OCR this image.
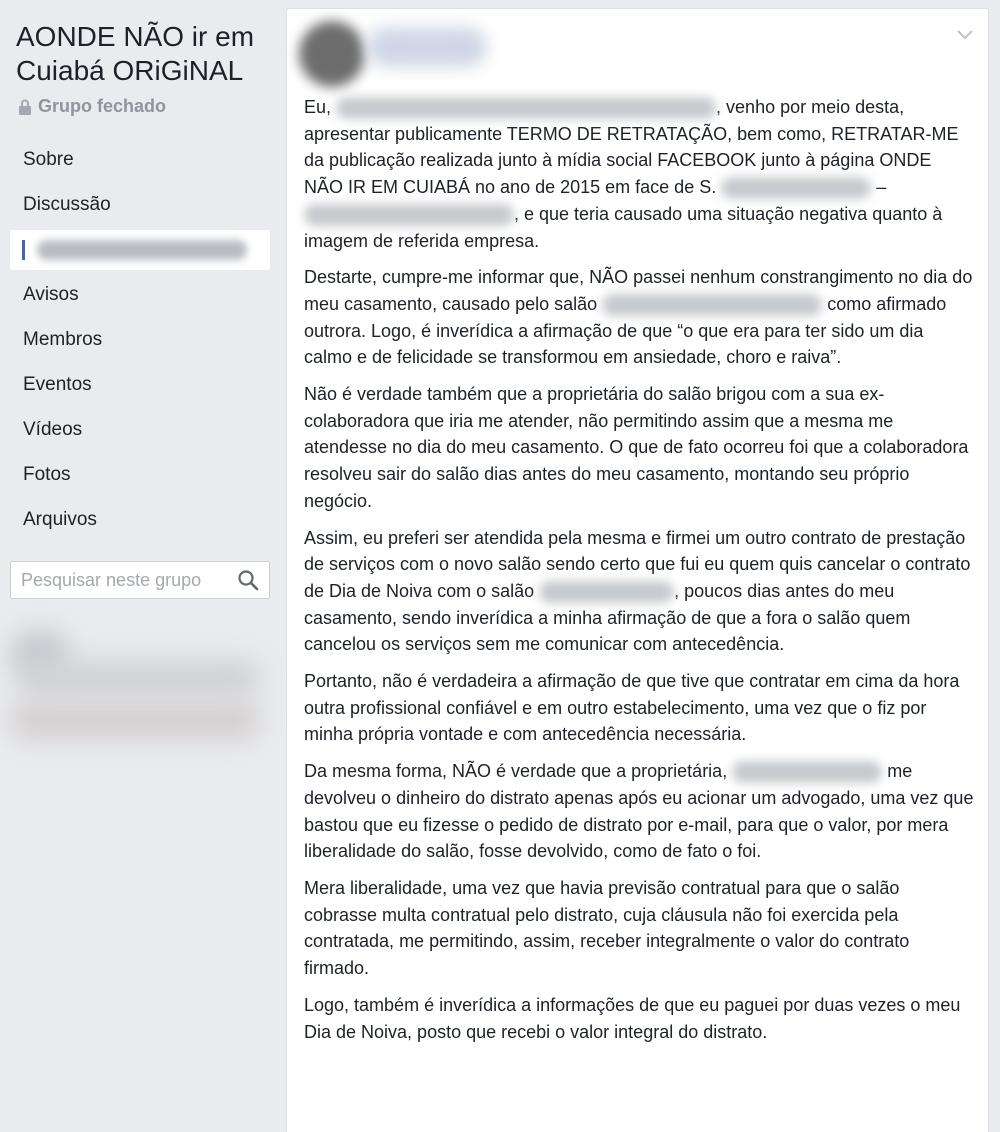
AONDE NÃO ir em Cuiabá ORiGiNAL
Grupo fechado
Sobre
Discussão
Avisos
Membros
Eventos
Vídeos
Fotos
Arquivos
Pesquisar neste grupo

Eu,	, venho por meio desta, apresentar publicamente TERMO DE RETRATAÇÃO, bem como, RETRATAR-ME da publicação realizada junto à mídia social FACEBOOK junto à página ONDE NÃO IR EM CUIABÁ no ano de 2015 em face de S.	– , e que teria causado uma situação negativa quanto à imagem de referida empresa.

Destarte, cumpre-me informar que, NÃO passei nenhum constrangimento no dia do meu casamento, causado pelo salão	como afirmado outrora. Logo, é inverídica a afirmação de que “o que era para ter sido um dia calmo e de felicidade se transformou em ansiedade, choro e raiva”.

Não é verdade também que a proprietária do salão brigou com a sua ex-colaboradora que iria me atender, não permitindo assim que a mesma me atendesse no dia do meu casamento. O que de fato ocorreu foi que a colaboradora resolveu sair do salão dias antes do meu casamento, montando seu próprio negócio.

Assim, eu preferi ser atendida pela mesma e firmei um outro contrato de prestação de serviços com o novo salão sendo certo que fui eu quem quis cancelar o contrato de Dia de Noiva com o salão	, poucos dias antes do meu casamento, sendo inverídica a minha afirmação de que a fora o salão quem cancelou os serviços sem me comunicar com antecedência.

Portanto, não é verdadeira a afirmação de que tive que contratar em cima da hora outra profissional confiável e em outro estabelecimento, uma vez que o fiz por minha própria vontade e com antecedência necessária.

Da mesma forma, NÃO é verdade que a proprietária,	me devolveu o dinheiro do distrato apenas após eu acionar um advogado, uma vez que bastou que eu fizesse o pedido de distrato por e-mail, para que o valor, por mera liberalidade do salão, fosse devolvido, como de fato o foi.

Mera liberalidade, uma vez que havia previsão contratual para que o salão cobrasse multa contratual pelo distrato, cuja cláusula não foi exercida pela contratada, me permitindo, assim, receber integralmente o valor do contrato firmado.

Logo, também é inverídica a informações de que eu paguei por duas vezes o meu Dia de Noiva, posto que recebi o valor integral do distrato.
